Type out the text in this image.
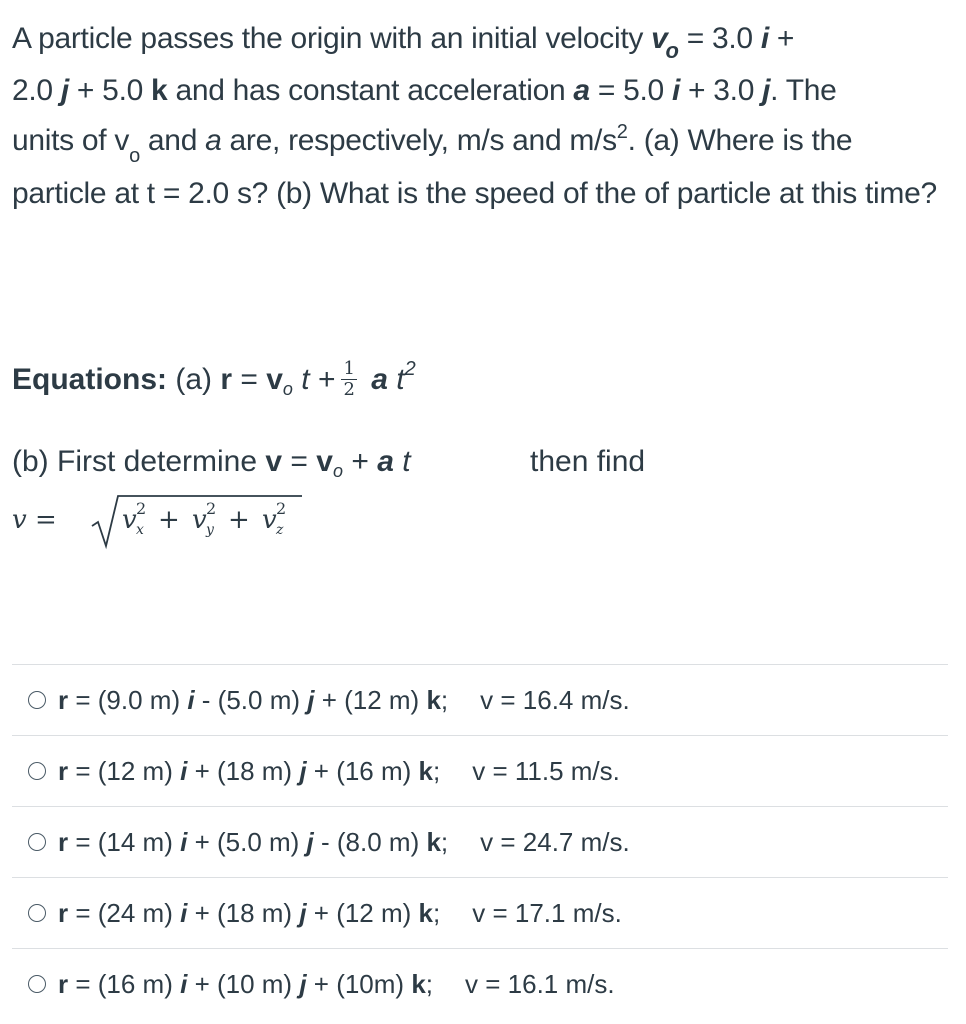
A particle passes the origin with an initial velocity $v_o = 3.0$ i +
2.0 j + 5.0 k and has constant acceleration a = 5.0 i + 3.0 j. The
units of $v_o$ and a are, respectively, m/s and $m/s^2$. (a) Where is the particle at t = 2.0 s? (b) What is the speed of the of particle at this time?
Equations: (a) $r = v_o$ $t + \frac{1}{2}$ a $t^2$
(b) First determine $v = v_o + a$ t	then find
v =	v 2
x + v 2
y + v 2
z
r = (9.0 m) i - (5.0 m) j + (12 m) k; v = 16.4 m/s.
r = (12 m) i + (18 m) j + (16 m) k; v = 11.5 m/s.
r = (14 m) i + (5.0 m) j - (8.0 m) k; v = 24.7 m/s.
r = (24 m) i + (18 m) j + (12 m) k; v = 17.1 m/s.
r = (16 m) i + (10 m) j + (10m) k; v = 16.1 m/s.
